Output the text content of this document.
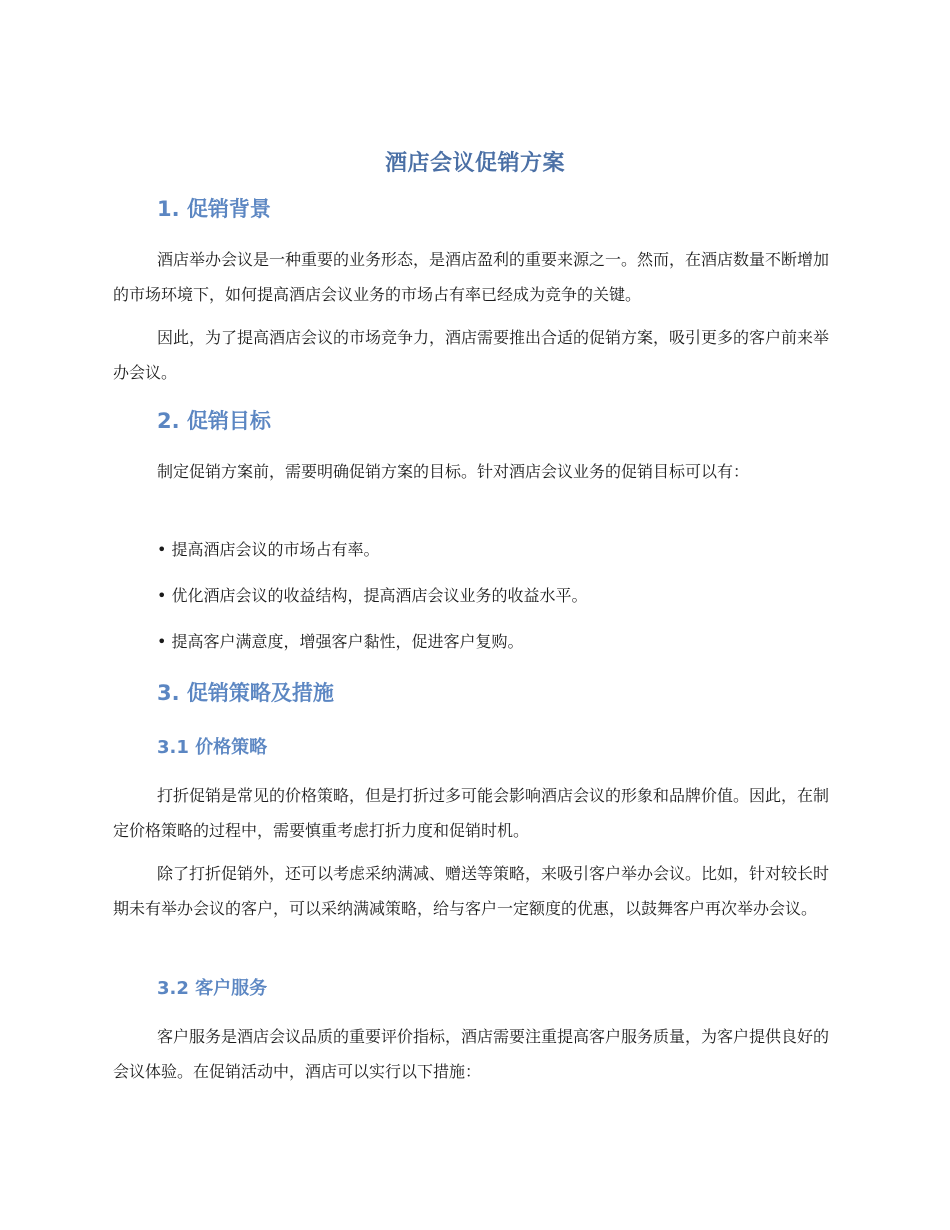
酒店会议促销方案
1. 促销背景

酒店举办会议是一种重要的业务形态，是酒店盈利的重要来源之一。然而，在酒店数量不断增加的市场环境下，如何提高酒店会议业务的市场占有率已经成为竞争的关键。

因此，为了提高酒店会议的市场竞争力，酒店需要推出合适的促销方案，吸引更多的客户前来举办会议。

2. 促销目标

制定促销方案前，需要明确促销方案的目标。针对酒店会议业务的促销目标可以有：

• 提高酒店会议的市场占有率。
• 优化酒店会议的收益结构，提高酒店会议业务的收益水平。
• 提高客户满意度，增强客户黏性，促进客户复购。
3. 促销策略及措施
3.1 价格策略

打折促销是常见的价格策略，但是打折过多可能会影响酒店会议的形象和品牌价值。因此，在制定价格策略的过程中，需要慎重考虑打折力度和促销时机。

除了打折促销外，还可以考虑采纳满减、赠送等策略，来吸引客户举办会议。比如，针对较长时期未有举办会议的客户，可以采纳满减策略，给与客户一定额度的优惠，以鼓舞客户再次举办会议。

3.2 客户服务

客户服务是酒店会议品质的重要评价指标，酒店需要注重提高客户服务质量，为客户提供良好的会议体验。在促销活动中，酒店可以实行以下措施：
